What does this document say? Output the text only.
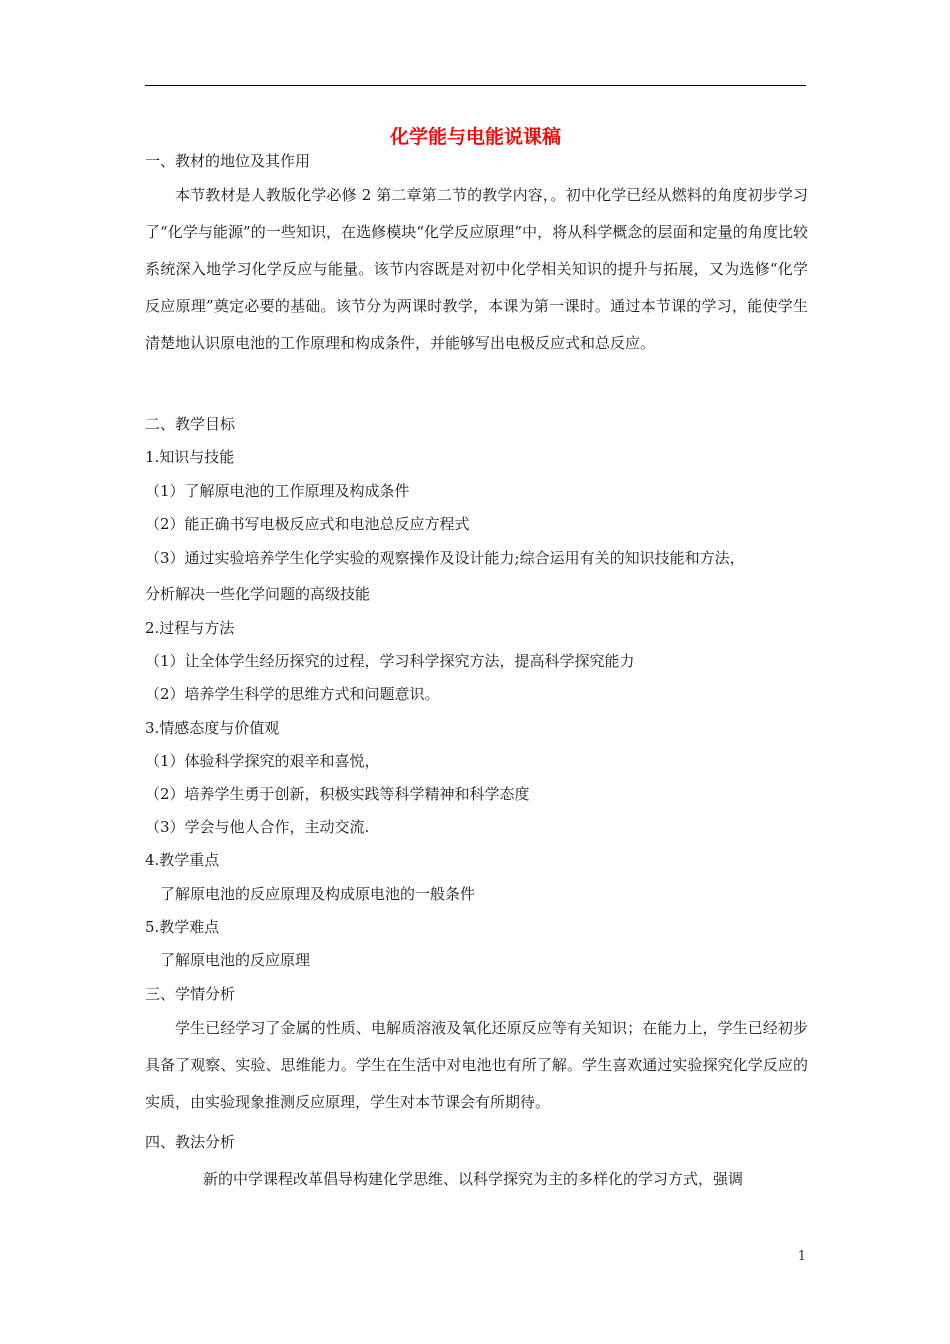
化学能与电能说课稿
一、教材的地位及其作用
本节教材是人教版化学必修 2 第二章第二节的教学内容，。初中化学已经从燃料的角度初步学习了“化学与能源”的一些知识，在选修模块“化学反应原理”中，将从科学概念的层面和定量的角度比较系统深入地学习化学反应与能量。该节内容既是对初中化学相关知识的提升与拓展，又为选修“化学反应原理”奠定必要的基础。该节分为两课时教学，本课为第一课时。通过本节课的学习，能使学生清楚地认识原电池的工作原理和构成条件，并能够写出电极反应式和总反应。
二、教学目标
1.知识与技能
（1）了解原电池的工作原理及构成条件
（2）能正确书写电极反应式和电池总反应方程式
（3）通过实验培养学生化学实验的观察操作及设计能力;综合运用有关的知识技能和方法，
分析解决一些化学问题的高级技能
2.过程与方法
（1）让全体学生经历探究的过程，学习科学探究方法，提高科学探究能力
（2）培养学生科学的思维方式和问题意识。
3.情感态度与价值观
（1）体验科学探究的艰辛和喜悦，
（2）培养学生勇于创新，积极实践等科学精神和科学态度
（3）学会与他人合作，主动交流.
4.教学重点
了解原电池的反应原理及构成原电池的一般条件
5.教学难点
了解原电池的反应原理
三、学情分析
学生已经学习了金属的性质、电解质溶液及氧化还原反应等有关知识；在能力上，学生已经初步具备了观察、实验、思维能力。学生在生活中对电池也有所了解。学生喜欢通过实验探究化学反应的实质，由实验现象推测反应原理，学生对本节课会有所期待。
四、教法分析
新的中学课程改革倡导构建化学思维、以科学探究为主的多样化的学习方式，强调
1
